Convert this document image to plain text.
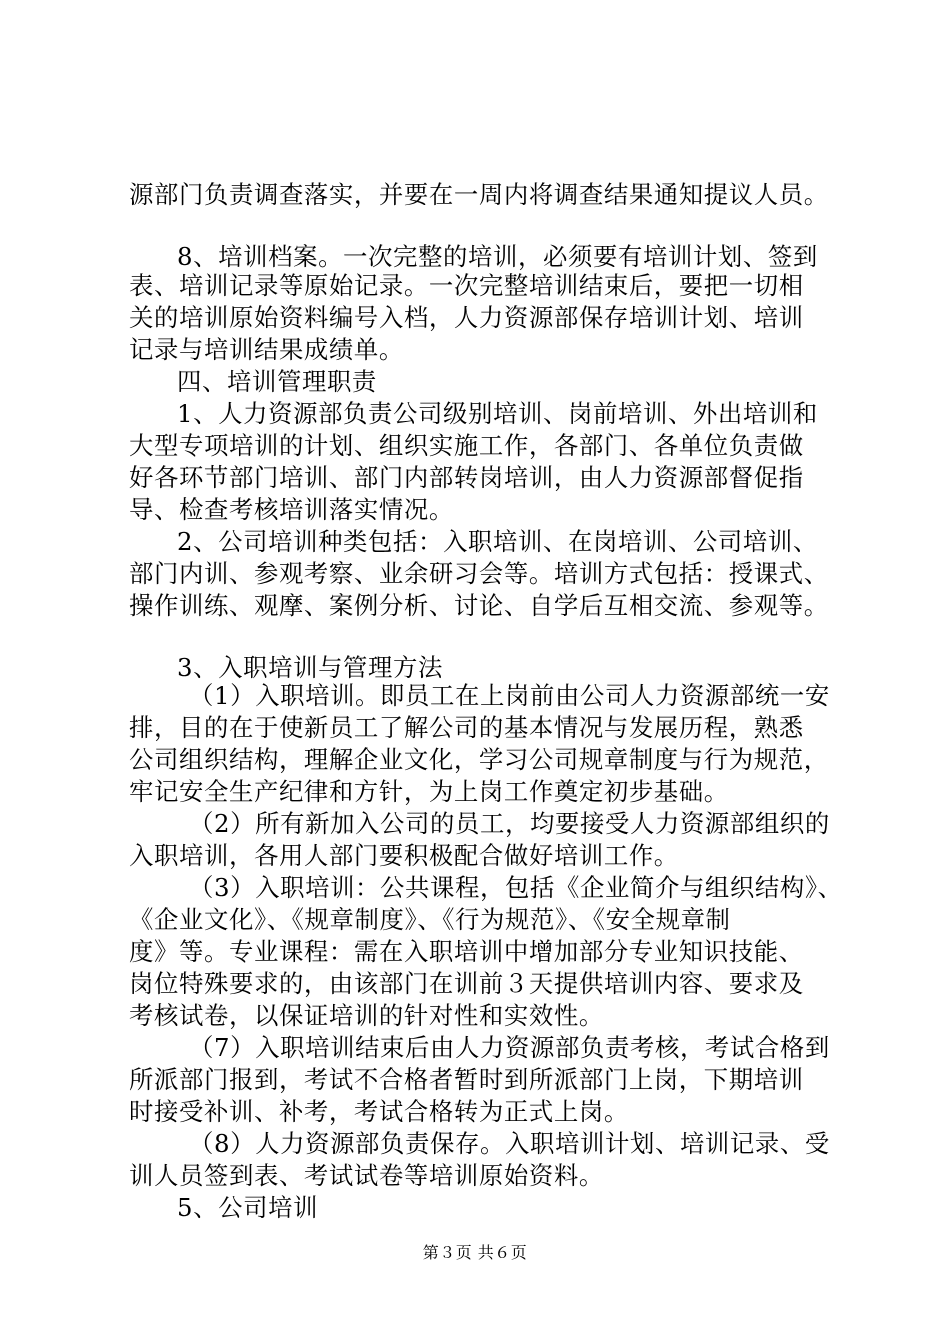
源部门负责调查落实，并要在一周内将调查结果通知提议人员。
8、培训档案。一次完整的培训，必须要有培训计划、签到
表、培训记录等原始记录。一次完整培训结束后，要把一切相
关的培训原始资料编号入档，人力资源部保存培训计划、培训
记录与培训结果成绩单。
四、培训管理职责
1、人力资源部负责公司级别培训、岗前培训、外出培训和
大型专项培训的计划、组织实施工作，各部门、各单位负责做
好各环节部门培训、部门内部转岗培训，由人力资源部督促指
导、检查考核培训落实情况。
2、公司培训种类包括：入职培训、在岗培训、公司培训、
部门内训、参观考察、业余研习会等。培训方式包括：授课式、
操作训练、观摩、案例分析、讨论、自学后互相交流、参观等。
3、入职培训与管理方法
（1）入职培训。即员工在上岗前由公司人力资源部统一安
排，目的在于使新员工了解公司的基本情况与发展历程，熟悉
公司组织结构，理解企业文化，学习公司规章制度与行为规范，
牢记安全生产纪律和方针，为上岗工作奠定初步基础。
（2）所有新加入公司的员工，均要接受人力资源部组织的
入职培训，各用人部门要积极配合做好培训工作。
（3）入职培训：公共课程，包括《企业简介与组织结构》、
《企业文化》、《规章制度》、《行为规范》、《安全规章制
度》等。专业课程：需在入职培训中增加部分专业知识技能、
岗位特殊要求的，由该部门在训前３天提供培训内容、要求及
考核试卷，以保证培训的针对性和实效性。
（7）入职培训结束后由人力资源部负责考核，考试合格到
所派部门报到，考试不合格者暂时到所派部门上岗，下期培训
时接受补训、补考，考试合格转为正式上岗。
（8）人力资源部负责保存。入职培训计划、培训记录、受
训人员签到表、考试试卷等培训原始资料。
5、公司培训
第３页 共６页
